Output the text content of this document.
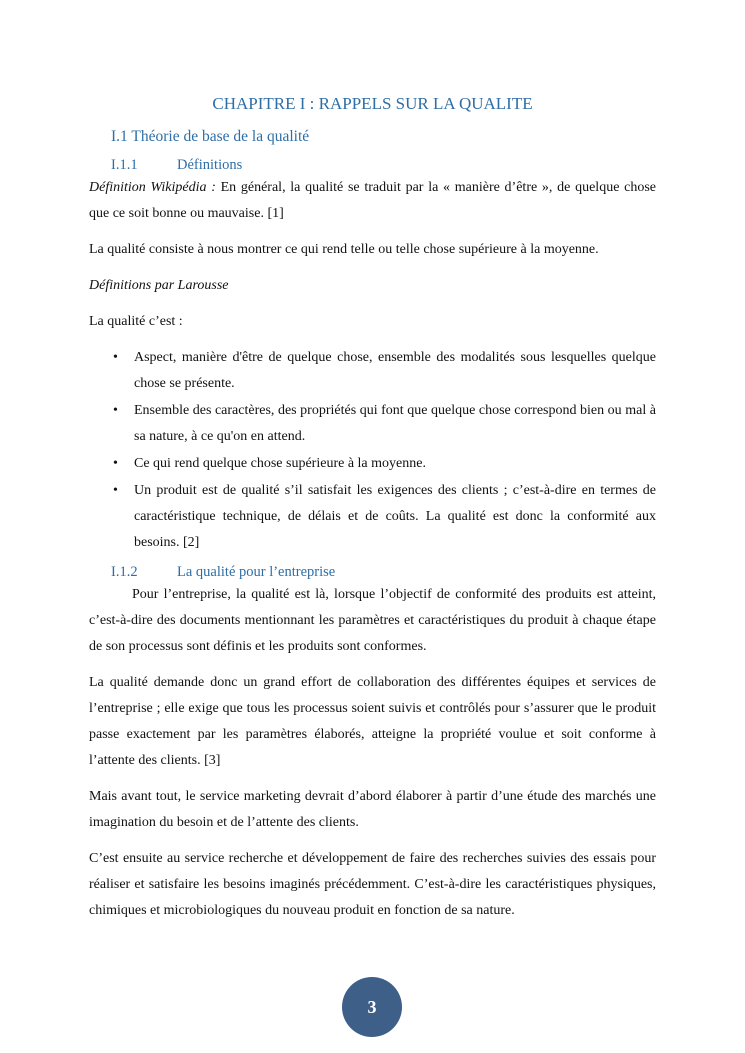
CHAPITRE I : RAPPELS SUR LA QUALITE
I.1 Théorie de base de la qualité
I.1.1	Définitions

Définition Wikipédia : En général, la qualité se traduit par la « manière d’être », de quelque chose que ce soit bonne ou mauvaise. [1]

La qualité consiste à nous montrer ce qui rend telle ou telle chose supérieure à la moyenne.

Définitions par Larousse

La qualité c’est :

• Aspect, manière d'être de quelque chose, ensemble des modalités sous lesquelles quelque chose se présente.
• Ensemble des caractères, des propriétés qui font que quelque chose correspond bien ou mal à sa nature, à ce qu'on en attend.
• Ce qui rend quelque chose supérieure à la moyenne.
• Un produit est de qualité s’il satisfait les exigences des clients ; c’est-à-dire en termes de caractéristique technique, de délais et de coûts. La qualité est donc la conformité aux besoins. [2]
I.1.2	La qualité pour l’entreprise

Pour l’entreprise, la qualité est là, lorsque l’objectif de conformité des produits est atteint, c’est-à-dire des documents mentionnant les paramètres et caractéristiques du produit à chaque étape de son processus sont définis et les produits sont conformes.

La qualité demande donc un grand effort de collaboration des différentes équipes et services de l’entreprise ; elle exige que tous les processus soient suivis et contrôlés pour s’assurer que le produit passe exactement par les paramètres élaborés, atteigne la propriété voulue et soit conforme à l’attente des clients. [3]

Mais avant tout, le service marketing devrait d’abord élaborer à partir d’une étude des marchés une imagination du besoin et de l’attente des clients.

C’est ensuite au service recherche et développement de faire des recherches suivies des essais pour réaliser et satisfaire les besoins imaginés précédemment. C’est-à-dire les caractéristiques physiques, chimiques et microbiologiques du nouveau produit en fonction de sa nature.

3
